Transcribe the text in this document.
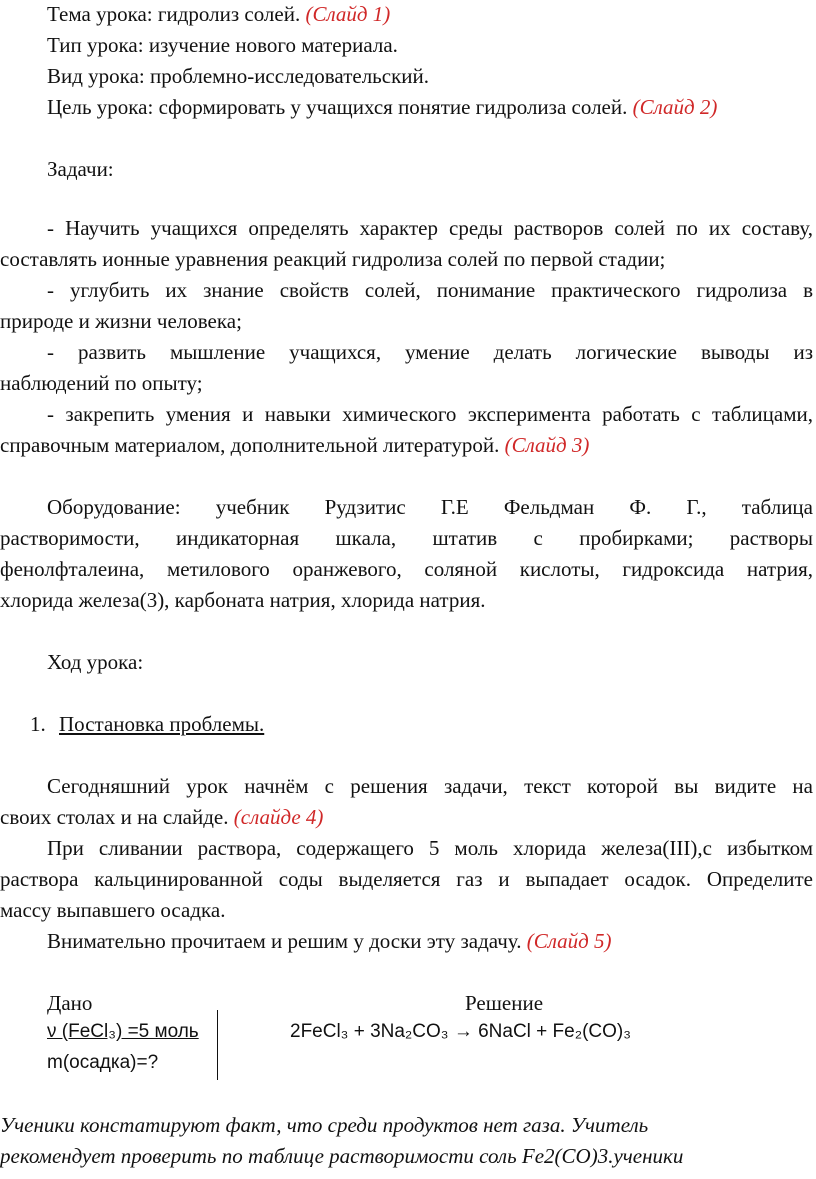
Тема урока: гидролиз солей. (Слайд 1)
Тип урока: изучение нового материала.
Вид урока: проблемно-исследовательский.
Цель урока: сформировать у учащихся понятие гидролиза солей. (Слайд 2)
Задачи:
- Научить учащихся определять характер среды растворов солей по их составу,
составлять ионные уравнения реакций гидролиза солей по первой стадии;
- углубить их знание свойств солей, понимание практического гидролиза в
природе и жизни человека;
- развить мышление учащихся, умение делать логические выводы из
наблюдений по опыту;
- закрепить умения и навыки химического эксперимента работать с таблицами,
справочным материалом, дополнительной литературой. (Слайд 3)
Оборудование: учебник Рудзитис Г.Е Фельдман Ф. Г., таблица
растворимости, индикаторная шкала, штатив с пробирками; растворы
фенолфталеина, метилового оранжевого, соляной кислоты, гидроксида натрия,
хлорида железа(3), карбоната натрия, хлорида натрия.
Ход урока:
1. Постановка проблемы.
Сегодняшний урок начнём с решения задачи, текст которой вы видите на
своих столах и на слайде. (слайде 4)
При сливании раствора, содержащего 5 моль хлорида железа(III),с избытком
раствора кальцинированной соды выделяется газ и выпадает осадок. Определите
массу выпавшего осадка.
Внимательно прочитаем и решим у доски эту задачу. (Слайд 5)
Дано	Решение
ν (FeCl₃) =5 моль	2FeCl₃ + 3Na₂CO₃ → 6NaCl + Fe₂(CO)₃
m(осадка)=?
Ученики констатируют факт, что среди продуктов нет газа. Учитель
рекомендует проверить по таблице растворимости соль Fe2(CO)3.ученики
